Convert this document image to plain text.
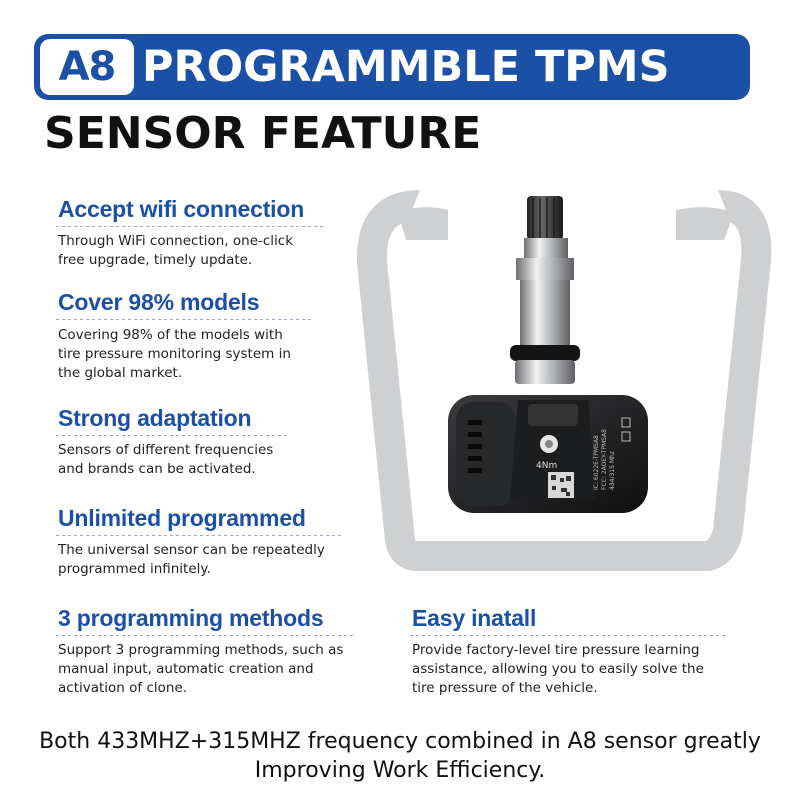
4Nm	IC: 6022E-TPMSA8 FCC: 2AOEY-TPMSA8 434/315 Mhz
A8 PROGRAMMBLE TPMS
SENSOR FEATURE
Accept wifi connection
Through WiFi connection, one-click
free upgrade, timely update.
Cover 98% models
Covering 98% of the models with
tire pressure monitoring system in
the global market.
Strong adaptation
Sensors of different frequencies
and brands can be activated.
Unlimited programmed
The universal sensor can be repeatedly
programmed infinitely.
3 programming methods
Support 3 programming methods, such as
manual input, automatic creation and
activation of clone.
Easy inatall
Provide factory-level tire pressure learning
assistance, allowing you to easily solve the
tire pressure of the vehicle.
Both 433MHZ+315MHZ frequency combined in A8 sensor greatly
Improving Work Efficiency.
